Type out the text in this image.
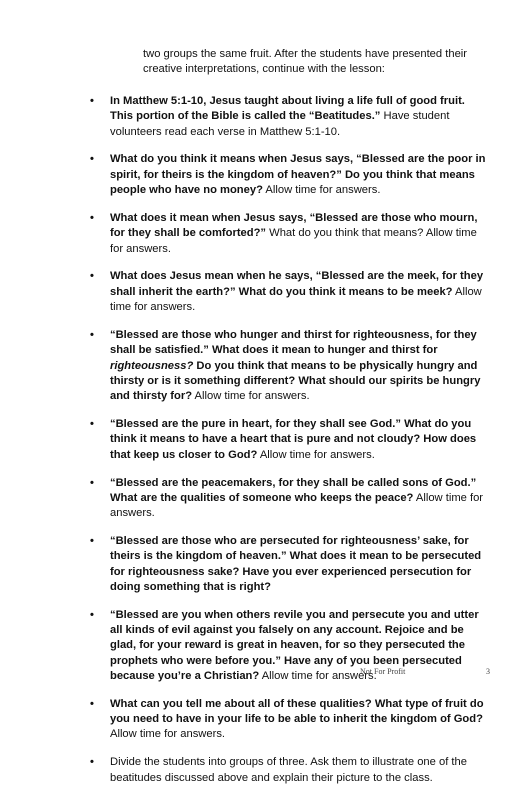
two groups the same fruit. After the students have presented their creative interpretations, continue with the lesson:
• In Matthew 5:1-10, Jesus taught about living a life full of good fruit. This portion of the Bible is called the “Beatitudes.” Have student volunteers read each verse in Matthew 5:1-10.
• What do you think it means when Jesus says, “Blessed are the poor in spirit, for theirs is the kingdom of heaven?” Do you think that means people who have no money? Allow time for answers.
• What does it mean when Jesus says, “Blessed are those who mourn, for they shall be comforted?” What do you think that means? Allow time for answers.
• What does Jesus mean when he says, “Blessed are the meek, for they shall inherit the earth?” What do you think it means to be meek? Allow time for answers.
• “Blessed are those who hunger and thirst for righteousness, for they shall be satisfied.” What does it mean to hunger and thirst for righteousness? Do you think that means to be physically hungry and thirsty or is it something different? What should our spirits be hungry and thirsty for? Allow time for answers.
• “Blessed are the pure in heart, for they shall see God.” What do you think it means to have a heart that is pure and not cloudy? How does that keep us closer to God? Allow time for answers.
• “Blessed are the peacemakers, for they shall be called sons of God.” What are the qualities of someone who keeps the peace? Allow time for answers.
• “Blessed are those who are persecuted for righteousness’ sake, for theirs is the kingdom of heaven.” What does it mean to be persecuted for righteousness sake? Have you ever experienced persecution for doing something that is right?
• “Blessed are you when others revile you and persecute you and utter all kinds of evil against you falsely on any account. Rejoice and be glad, for your reward is great in heaven, for so they persecuted the prophets who were before you.” Have any of you been persecuted because you’re a Christian? Allow time for answers.
• What can you tell me about all of these qualities? What type of fruit do you need to have in your life to be able to inherit the kingdom of God? Allow time for answers.
• Divide the students into groups of three. Ask them to illustrate one of the beatitudes discussed above and explain their picture to the class.
Not For Profit	3
